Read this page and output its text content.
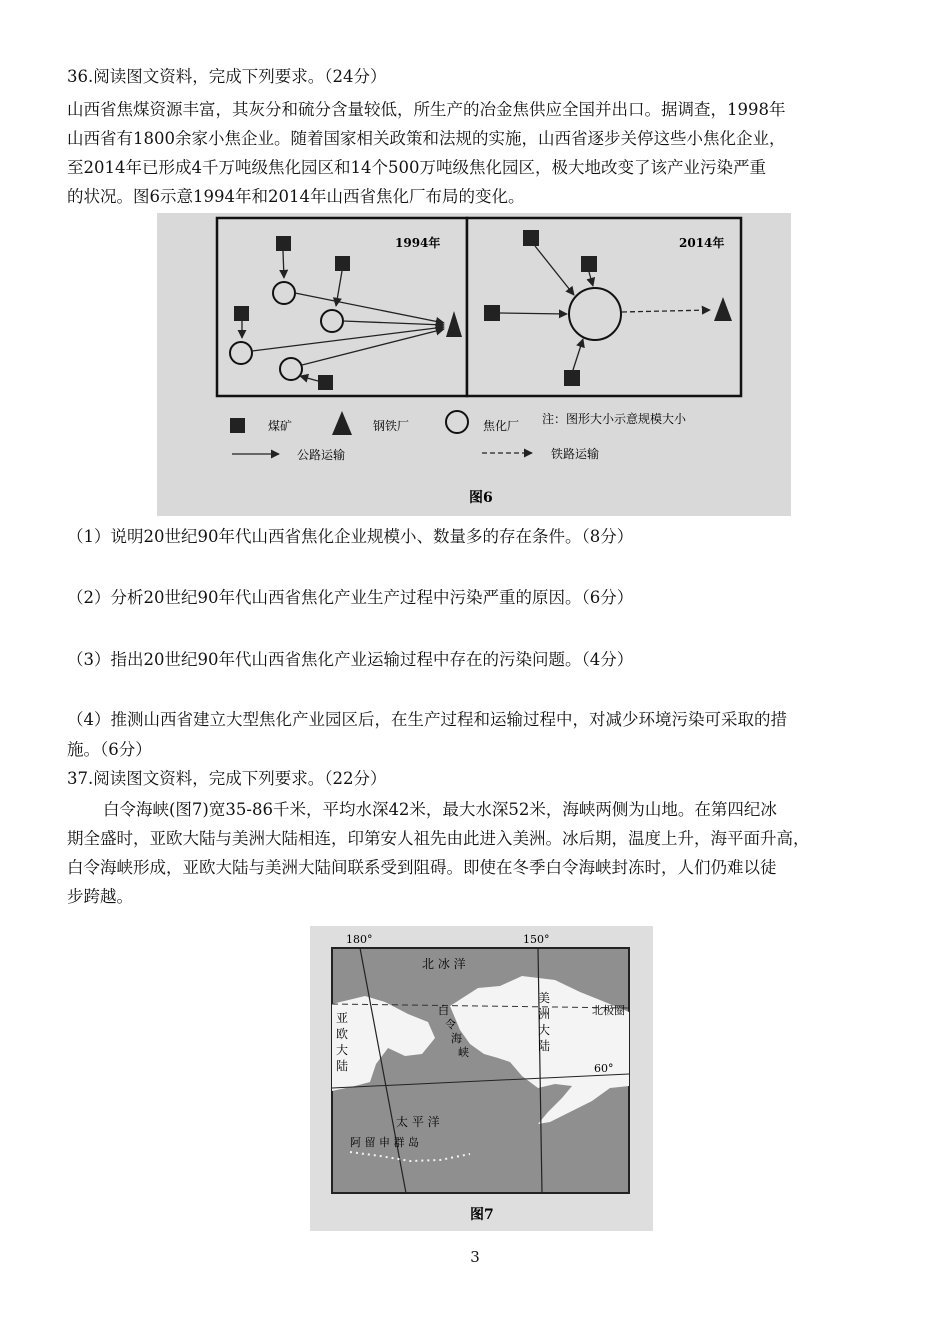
36.阅读图文资料，完成下列要求。（24分）
山西省焦煤资源丰富，其灰分和硫分含量较低，所生产的冶金焦供应全国并出口。据调查，1998年
山西省有1800余家小焦企业。随着国家相关政策和法规的实施，山西省逐步关停这些小焦化企业，
至2014年已形成4千万吨级焦化园区和14个500万吨级焦化园区，极大地改变了该产业污染严重
的状况。图6示意1994年和2014年山西省焦化厂布局的变化。
1994年	2014年
煤矿	钢铁厂	焦化厂 注：图形大小示意规模大小
公路运输	铁路运输
图6
（1）说明20世纪90年代山西省焦化企业规模小、数量多的存在条件。（8分）
（2）分析20世纪90年代山西省焦化产业生产过程中污染严重的原因。（6分）
（3）指出20世纪90年代山西省焦化产业运输过程中存在的污染问题。（4分）
（4）推测山西省建立大型焦化产业园区后，在生产过程和运输过程中，对减少环境污染可采取的措
施。（6分）
37.阅读图文资料，完成下列要求。（22分）
白令海峡(图7)宽35-86千米，平均水深42米，最大水深52米，海峡两侧为山地。在第四纪冰
期全盛时，亚欧大陆与美洲大陆相连，印第安人祖先由此进入美洲。冰后期，温度上升，海平面升高，
白令海峡形成，亚欧大陆与美洲大陆间联系受到阻碍。即使在冬季白令海峡封冻时，人们仍难以徒
步跨越。
180°	150°
北 冰 洋
北极圈
60°
亚
欧
大
陆
美
洲
大
陆
白
令
海
峡
太 平 洋
阿 留 申 群 岛
图7
3
